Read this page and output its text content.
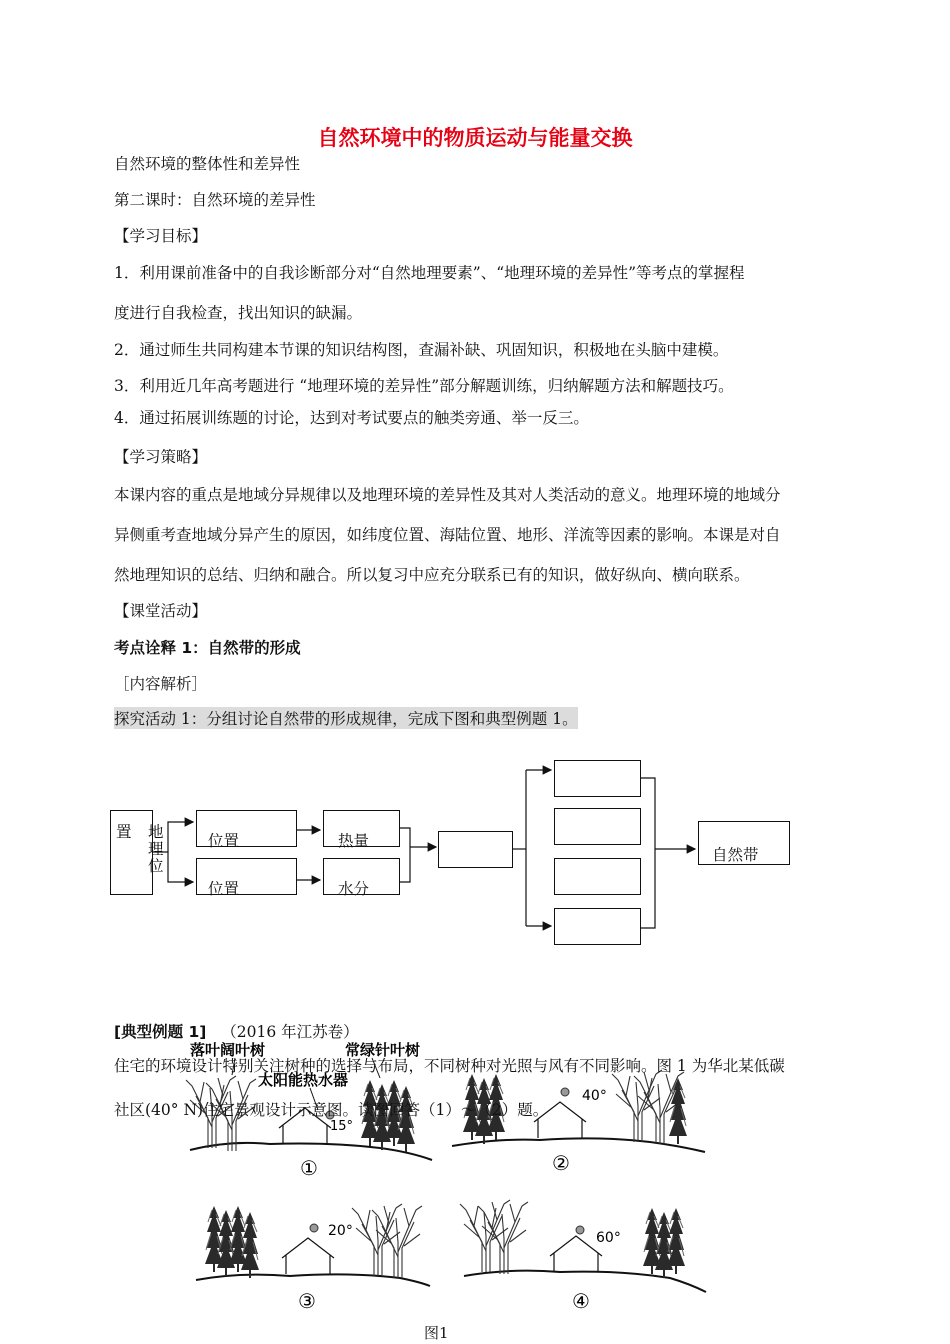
自然环境中的物质运动与能量交换
自然环境的整体性和差异性
第二课时：自然环境的差异性
【学习目标】
1．利用课前准备中的自我诊断部分对“自然地理要素”、“地理环境的差异性”等考点的掌握程
度进行自我检查，找出知识的缺漏。
2．通过师生共同构建本节课的知识结构图，查漏补缺、巩固知识，积极地在头脑中建模。
3．利用近几年高考题进行 “地理环境的差异性”部分解题训练，归纳解题方法和解题技巧。
4．通过拓展训练题的讨论，达到对考试要点的触类旁通、举一反三。
【学习策略】
本课内容的重点是地域分异规律以及地理环境的差异性及其对人类活动的意义。地理环境的地域分
异侧重考查地域分异产生的原因，如纬度位置、海陆位置、地形、洋流等因素的影响。本课是对自
然地理知识的总结、归纳和融合。所以复习中应充分联系已有的知识，做好纵向、横向联系。
【课堂活动】
考点诠释 1：自然带的形成
［内容解析］
探究活动 1：分组讨论自然带的形成规律，完成下图和典型例题 1。
置 地
理
位
位置
位置
热量
水分
自然带
[典型例题 1] （2016 年江苏卷）
落叶阔叶树	常绿针叶树
太阳能热水器
15°
①
40°
②
20°
③
60°
④
住宅的环境设计特别关注树种的选择与布局，不同树种对光照与风有不同影响。图 1 为华北某低碳
社区(40° N)住宅景观设计示意图。读图回答（1）～（2）题。
图1
